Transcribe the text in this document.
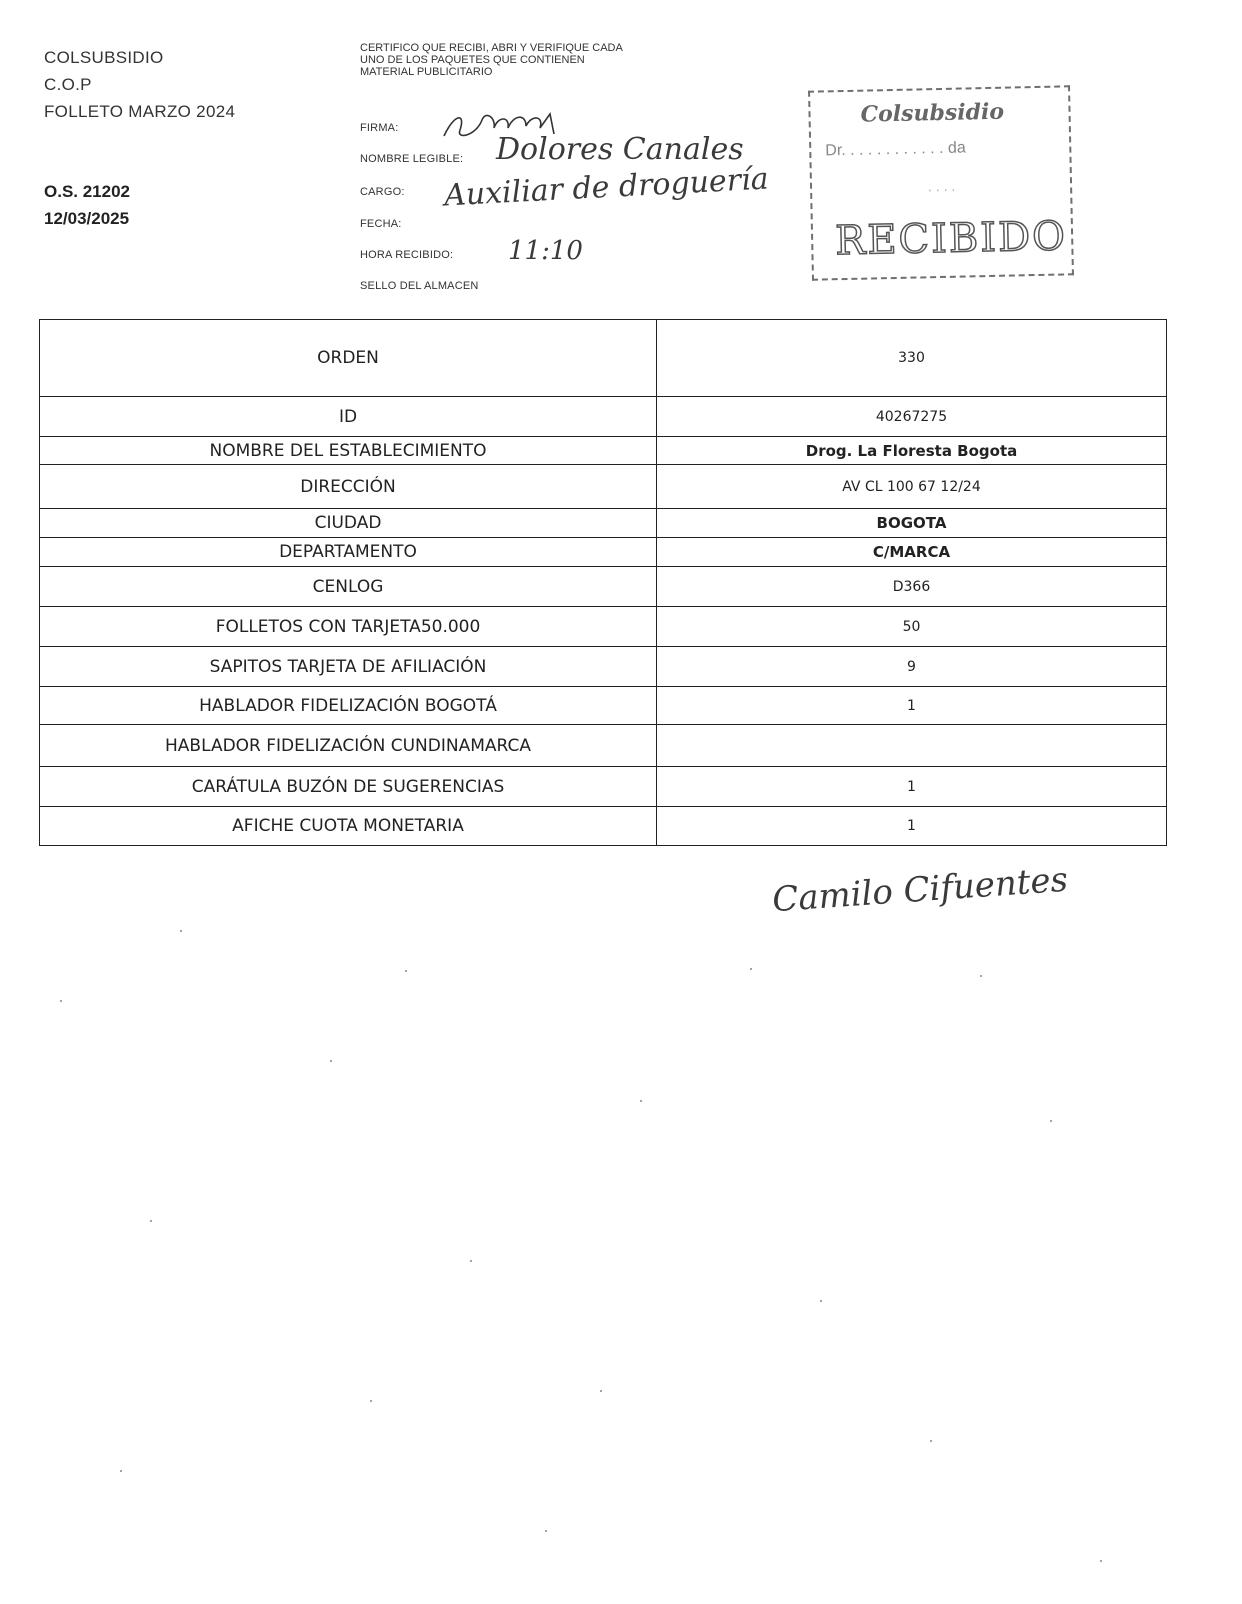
COLSUBSIDIO
C.O.P
FOLLETO MARZO 2024
O.S. 21202
12/03/2025
CERTIFICO QUE RECIBI, ABRI Y VERIFIQUE CADA UNO DE LOS PAQUETES QUE CONTIENEN MATERIAL PUBLICITARIO
FIRMA:
NOMBRE LEGIBLE: Dolores Canales
CARGO: Auxiliar de droguería
FECHA:
HORA RECIBIDO: 11:10
SELLO DEL ALMACEN
Colsubsidio
Dr. . . . . . . . . . . . da
. . . .
RECIBIDO
ORDEN	330
ID	40267275
NOMBRE DEL ESTABLECIMIENTO	Drog. La Floresta Bogota
DIRECCIÓN	AV CL 100 67 12/24
CIUDAD	BOGOTA
DEPARTAMENTO	C/MARCA
CENLOG	D366
FOLLETOS CON TARJETA50.000	50
SAPITOS TARJETA DE AFILIACIÓN	9
HABLADOR FIDELIZACIÓN BOGOTÁ	1
HABLADOR FIDELIZACIÓN CUNDINAMARCA	
CARÁTULA BUZÓN DE SUGERENCIAS	1
AFICHE CUOTA MONETARIA	1
Camilo Cifuentes
